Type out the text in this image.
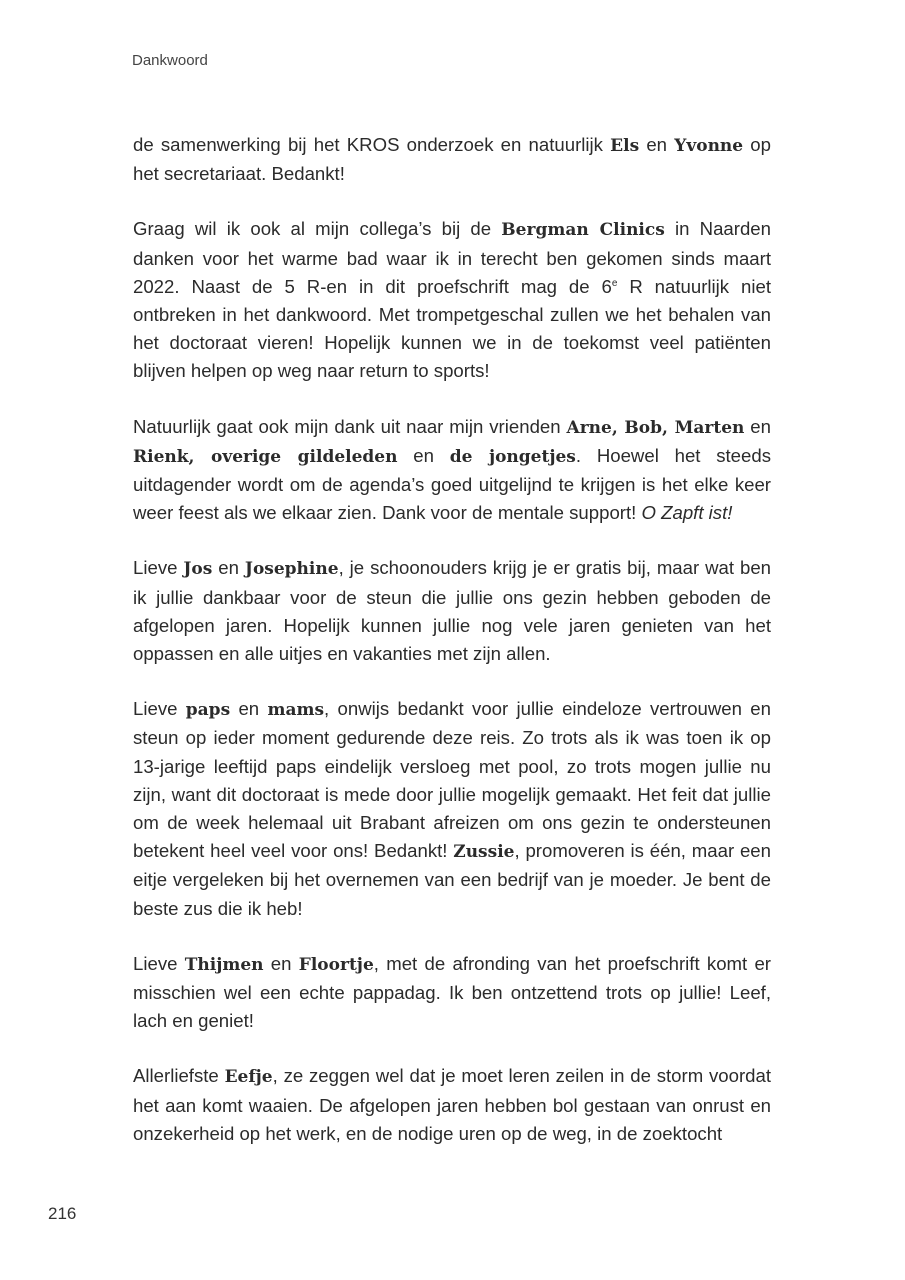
Dankwoord

de samenwerking bij het KROS onderzoek en natuurlijk Els en Yvonne op het secretariaat. Bedankt!

Graag wil ik ook al mijn collega’s bij de Bergman Clinics in Naarden danken voor het warme bad waar ik in terecht ben gekomen sinds maart 2022. Naast de 5 R-en in dit proefschrift mag de 6e R natuurlijk niet ontbreken in het dankwoord. Met trompetgeschal zullen we het behalen van het doctoraat vieren! Hopelijk kunnen we in de toekomst veel patiënten blijven helpen op weg naar return to sports!

Natuurlijk gaat ook mijn dank uit naar mijn vrienden Arne, Bob, Marten en Rienk, overige gildeleden en de jongetjes. Hoewel het steeds uitdagender wordt om de agenda’s goed uitgelijnd te krijgen is het elke keer weer feest als we elkaar zien. Dank voor de mentale support! O Zapft ist!

Lieve Jos en Josephine, je schoonouders krijg je er gratis bij, maar wat ben ik jullie dankbaar voor de steun die jullie ons gezin hebben geboden de afgelopen jaren. Hopelijk kunnen jullie nog vele jaren genieten van het oppassen en alle uitjes en vakanties met zijn allen.

Lieve paps en mams, onwijs bedankt voor jullie eindeloze vertrouwen en steun op ieder moment gedurende deze reis. Zo trots als ik was toen ik op 13-jarige leeftijd paps eindelijk versloeg met pool, zo trots mogen jullie nu zijn, want dit doctoraat is mede door jullie mogelijk gemaakt. Het feit dat jullie om de week helemaal uit Brabant afreizen om ons gezin te ondersteunen betekent heel veel voor ons! Bedankt! Zussie, promoveren is één, maar een eitje vergeleken bij het overnemen van een bedrijf van je moeder. Je bent de beste zus die ik heb!

Lieve Thijmen en Floortje, met de afronding van het proefschrift komt er misschien wel een echte pappadag. Ik ben ontzettend trots op jullie! Leef, lach en geniet!

Allerliefste Eefje, ze zeggen wel dat je moet leren zeilen in de storm voordat het aan komt waaien. De afgelopen jaren hebben bol gestaan van onrust en onzekerheid op het werk, en de nodige uren op de weg, in de zoektocht

216
